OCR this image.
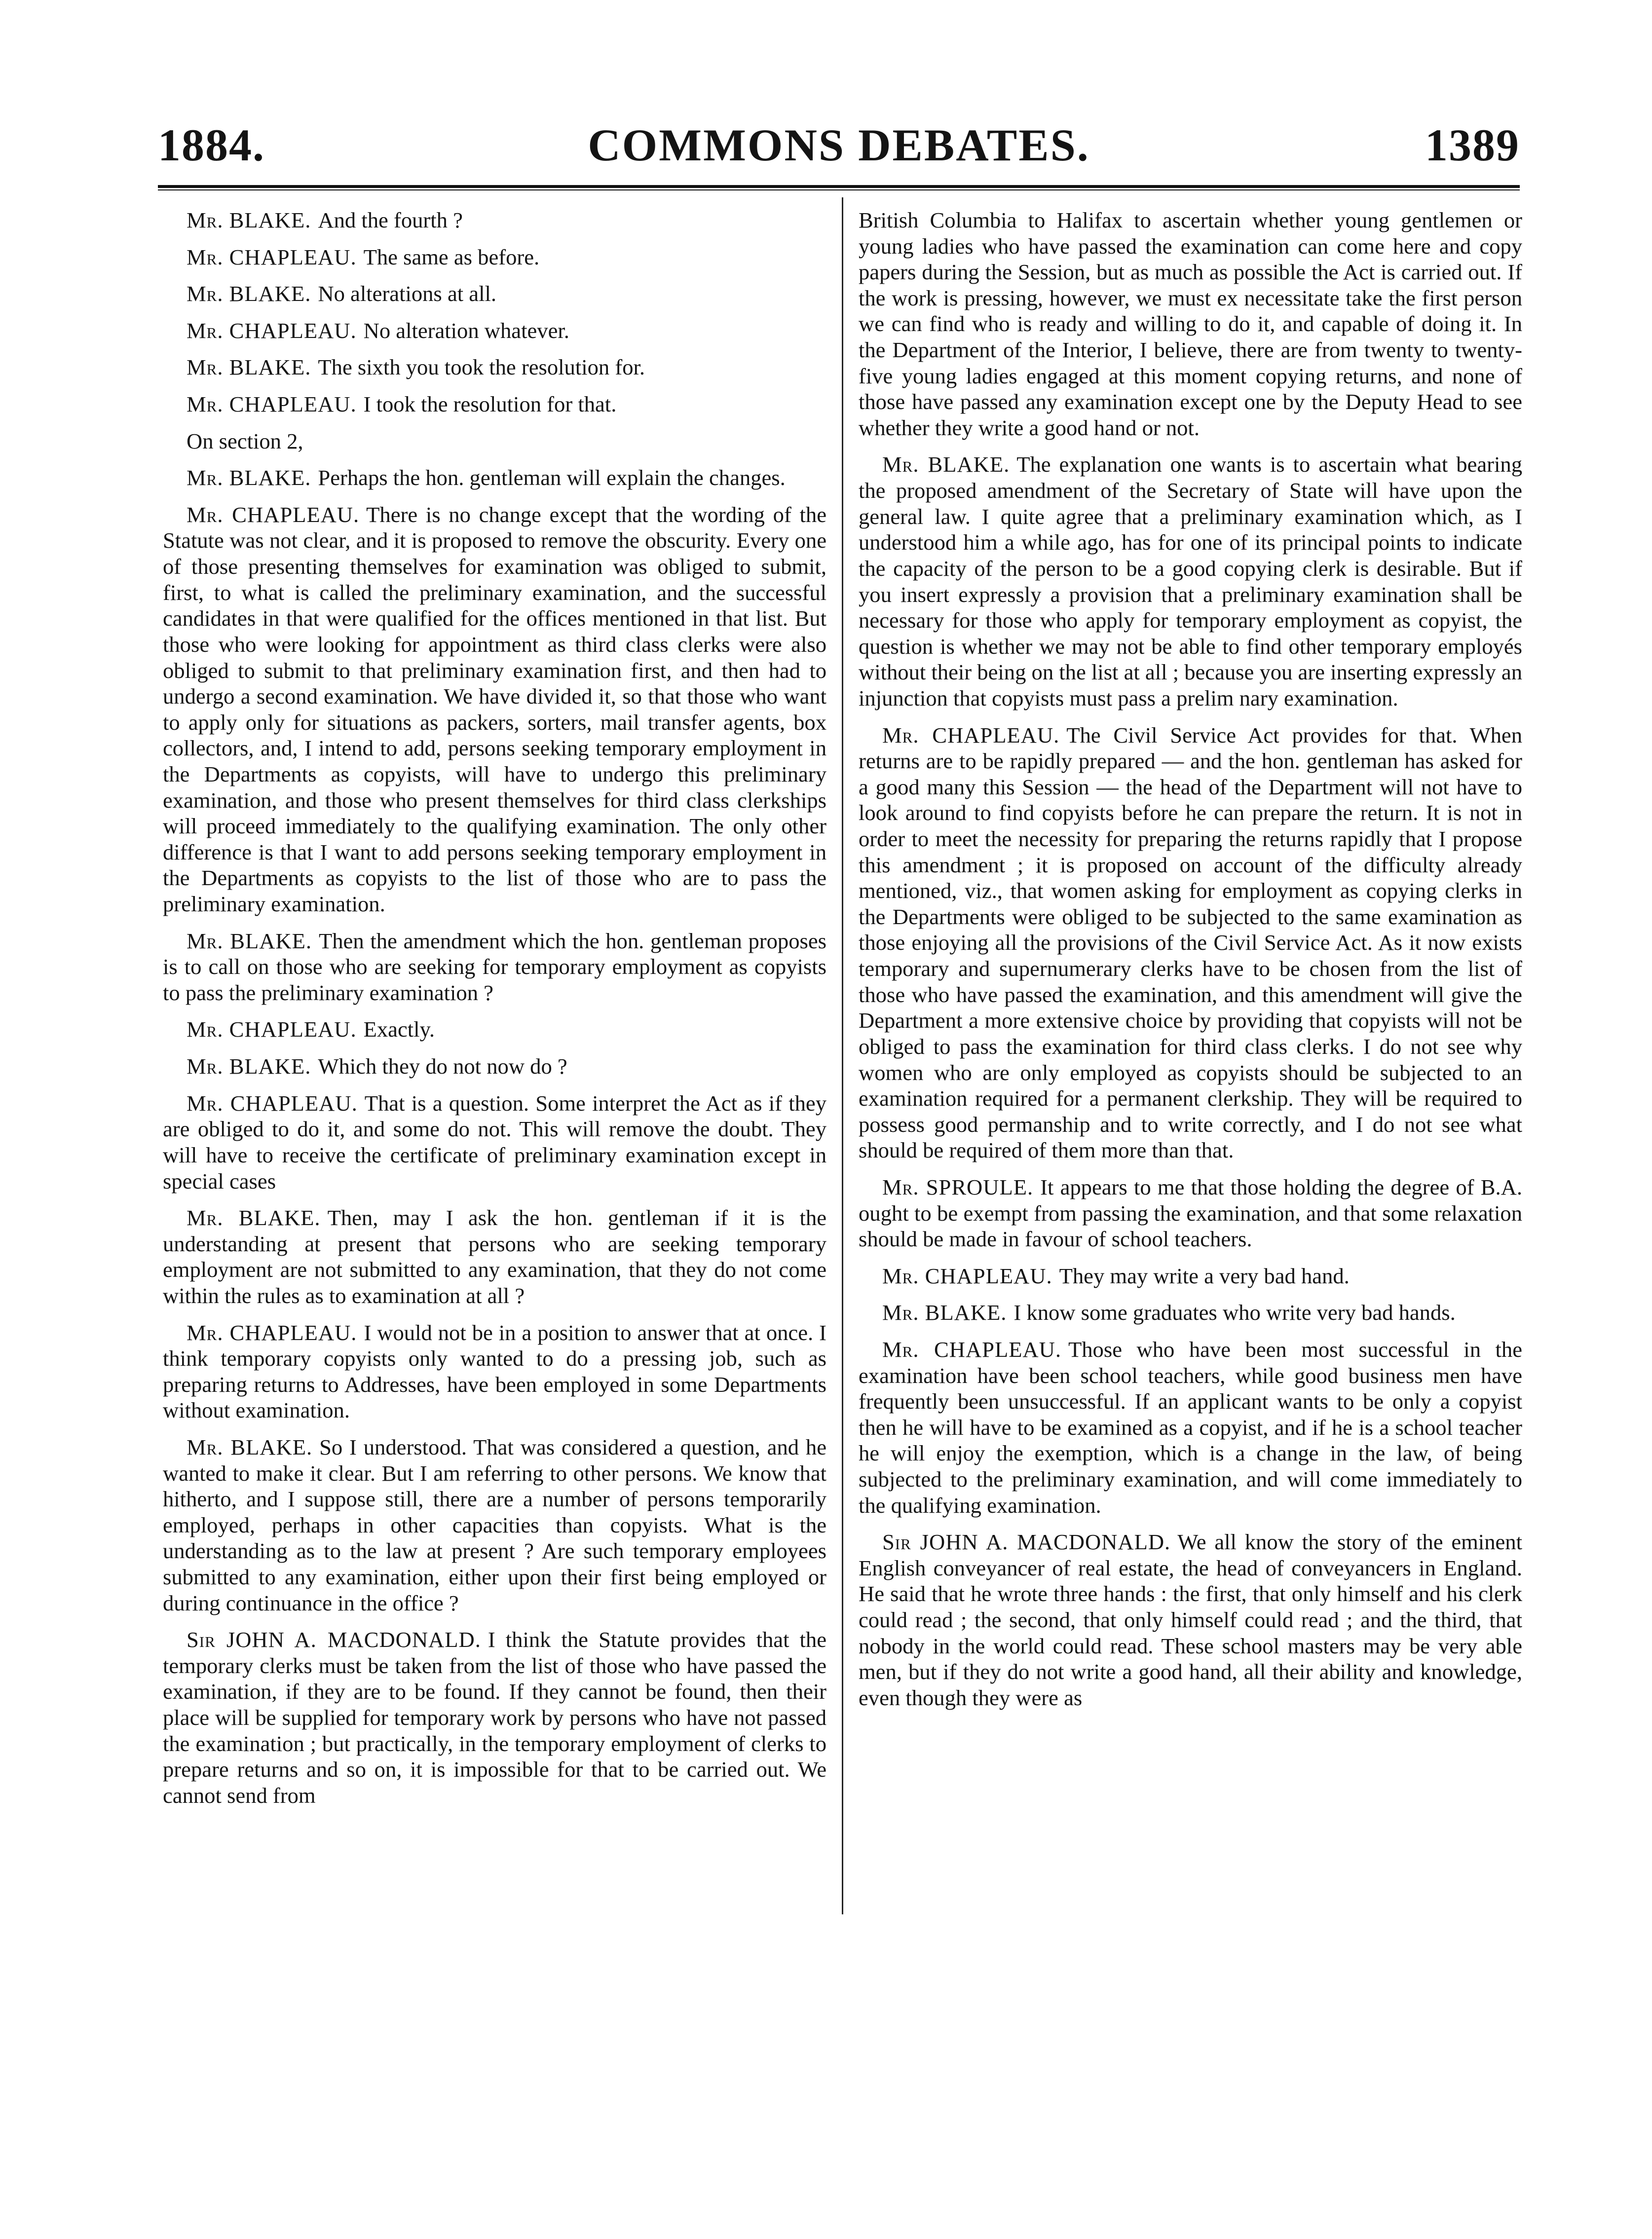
1884.	COMMONS DEBATES.	1389

Mr. BLAKE. And the fourth ?

Mr. CHAPLEAU. The same as before.

Mr. BLAKE. No alterations at all.

Mr. CHAPLEAU. No alteration whatever.

Mr. BLAKE. The sixth you took the resolution for.

Mr. CHAPLEAU. I took the resolution for that.

On section 2,

Mr. BLAKE. Perhaps the hon. gentleman will explain the changes.

Mr. CHAPLEAU. There is no change except that the wording of the Statute was not clear, and it is proposed to remove the obscurity. Every one of those presenting themselves for examination was obliged to submit, first, to what is called the preliminary examination, and the successful candidates in that were qualified for the offices mentioned in that list. But those who were looking for appointment as third class clerks were also obliged to submit to that preliminary examination first, and then had to undergo a second examination. We have divided it, so that those who want to apply only for situations as packers, sorters, mail transfer agents, box collectors, and, I intend to add, persons seeking temporary employment in the Departments as copyists, will have to undergo this preliminary examination, and those who present themselves for third class clerkships will proceed immediately to the qualifying examination. The only other difference is that I want to add persons seeking temporary employment in the Departments as copyists to the list of those who are to pass the preliminary examination.

Mr. BLAKE. Then the amendment which the hon. gentleman proposes is to call on those who are seeking for temporary employment as copyists to pass the preliminary examination ?

Mr. CHAPLEAU. Exactly.

Mr. BLAKE. Which they do not now do ?

Mr. CHAPLEAU. That is a question. Some interpret the Act as if they are obliged to do it, and some do not. This will remove the doubt. They will have to receive the certificate of preliminary examination except in special cases

Mr. BLAKE. Then, may I ask the hon. gentleman if it is the understanding at present that persons who are seeking temporary employment are not submitted to any examination, that they do not come within the rules as to examination at all ?

Mr. CHAPLEAU. I would not be in a position to answer that at once. I think temporary copyists only wanted to do a pressing job, such as preparing returns to Addresses, have been employed in some Departments without examination.

Mr. BLAKE. So I understood. That was considered a question, and he wanted to make it clear. But I am referring to other persons. We know that hitherto, and I suppose still, there are a number of persons temporarily employed, perhaps in other capacities than copyists. What is the understanding as to the law at present ? Are such temporary employees submitted to any examination, either upon their first being employed or during continuance in the office ?

Sir JOHN A. MACDONALD. I think the Statute provides that the temporary clerks must be taken from the list of those who have passed the examination, if they are to be found. If they cannot be found, then their place will be supplied for temporary work by persons who have not passed the examination ; but practically, in the temporary employment of clerks to prepare returns and so on, it is impossible for that to be carried out. We cannot send from

British Columbia to Halifax to ascertain whether young gentlemen or young ladies who have passed the examination can come here and copy papers during the Session, but as much as possible the Act is carried out. If the work is pressing, however, we must ex necessitate take the first person we can find who is ready and willing to do it, and capable of doing it. In the Department of the Interior, I believe, there are from twenty to twenty-five young ladies engaged at this moment copying returns, and none of those have passed any examination except one by the Deputy Head to see whether they write a good hand or not.

Mr. BLAKE. The explanation one wants is to ascertain what bearing the proposed amendment of the Secretary of State will have upon the general law. I quite agree that a preliminary examination which, as I understood him a while ago, has for one of its principal points to indicate the capacity of the person to be a good copying clerk is desirable. But if you insert expressly a provision that a preliminary examination shall be necessary for those who apply for temporary employment as copyist, the question is whether we may not be able to find other temporary employés without their being on the list at all ; because you are inserting expressly an injunction that copyists must pass a prelim nary examination.

Mr. CHAPLEAU. The Civil Service Act provides for that. When returns are to be rapidly prepared — and the hon. gentleman has asked for a good many this Session — the head of the Department will not have to look around to find copyists before he can prepare the return. It is not in order to meet the necessity for preparing the returns rapidly that I propose this amendment ; it is proposed on account of the difficulty already mentioned, viz., that women asking for employment as copying clerks in the Departments were obliged to be subjected to the same examination as those enjoying all the provisions of the Civil Service Act. As it now exists temporary and supernumerary clerks have to be chosen from the list of those who have passed the examination, and this amendment will give the Department a more extensive choice by providing that copyists will not be obliged to pass the examination for third class clerks. I do not see why women who are only employed as copyists should be subjected to an examination required for a permanent clerkship. They will be required to possess good permanship and to write correctly, and I do not see what should be required of them more than that.

Mr. SPROULE. It appears to me that those holding the degree of B.A. ought to be exempt from passing the examination, and that some relaxation should be made in favour of school teachers.

Mr. CHAPLEAU. They may write a very bad hand.

Mr. BLAKE. I know some graduates who write very bad hands.

Mr. CHAPLEAU. Those who have been most successful in the examination have been school teachers, while good business men have frequently been unsuccessful. If an applicant wants to be only a copyist then he will have to be examined as a copyist, and if he is a school teacher he will enjoy the exemption, which is a change in the law, of being subjected to the preliminary examination, and will come immediately to the qualifying examination.

Sir JOHN A. MACDONALD. We all know the story of the eminent English conveyancer of real estate, the head of conveyancers in England. He said that he wrote three hands : the first, that only himself and his clerk could read ; the second, that only himself could read ; and the third, that nobody in the world could read. These school masters may be very able men, but if they do not write a good hand, all their ability and knowledge, even though they were as
